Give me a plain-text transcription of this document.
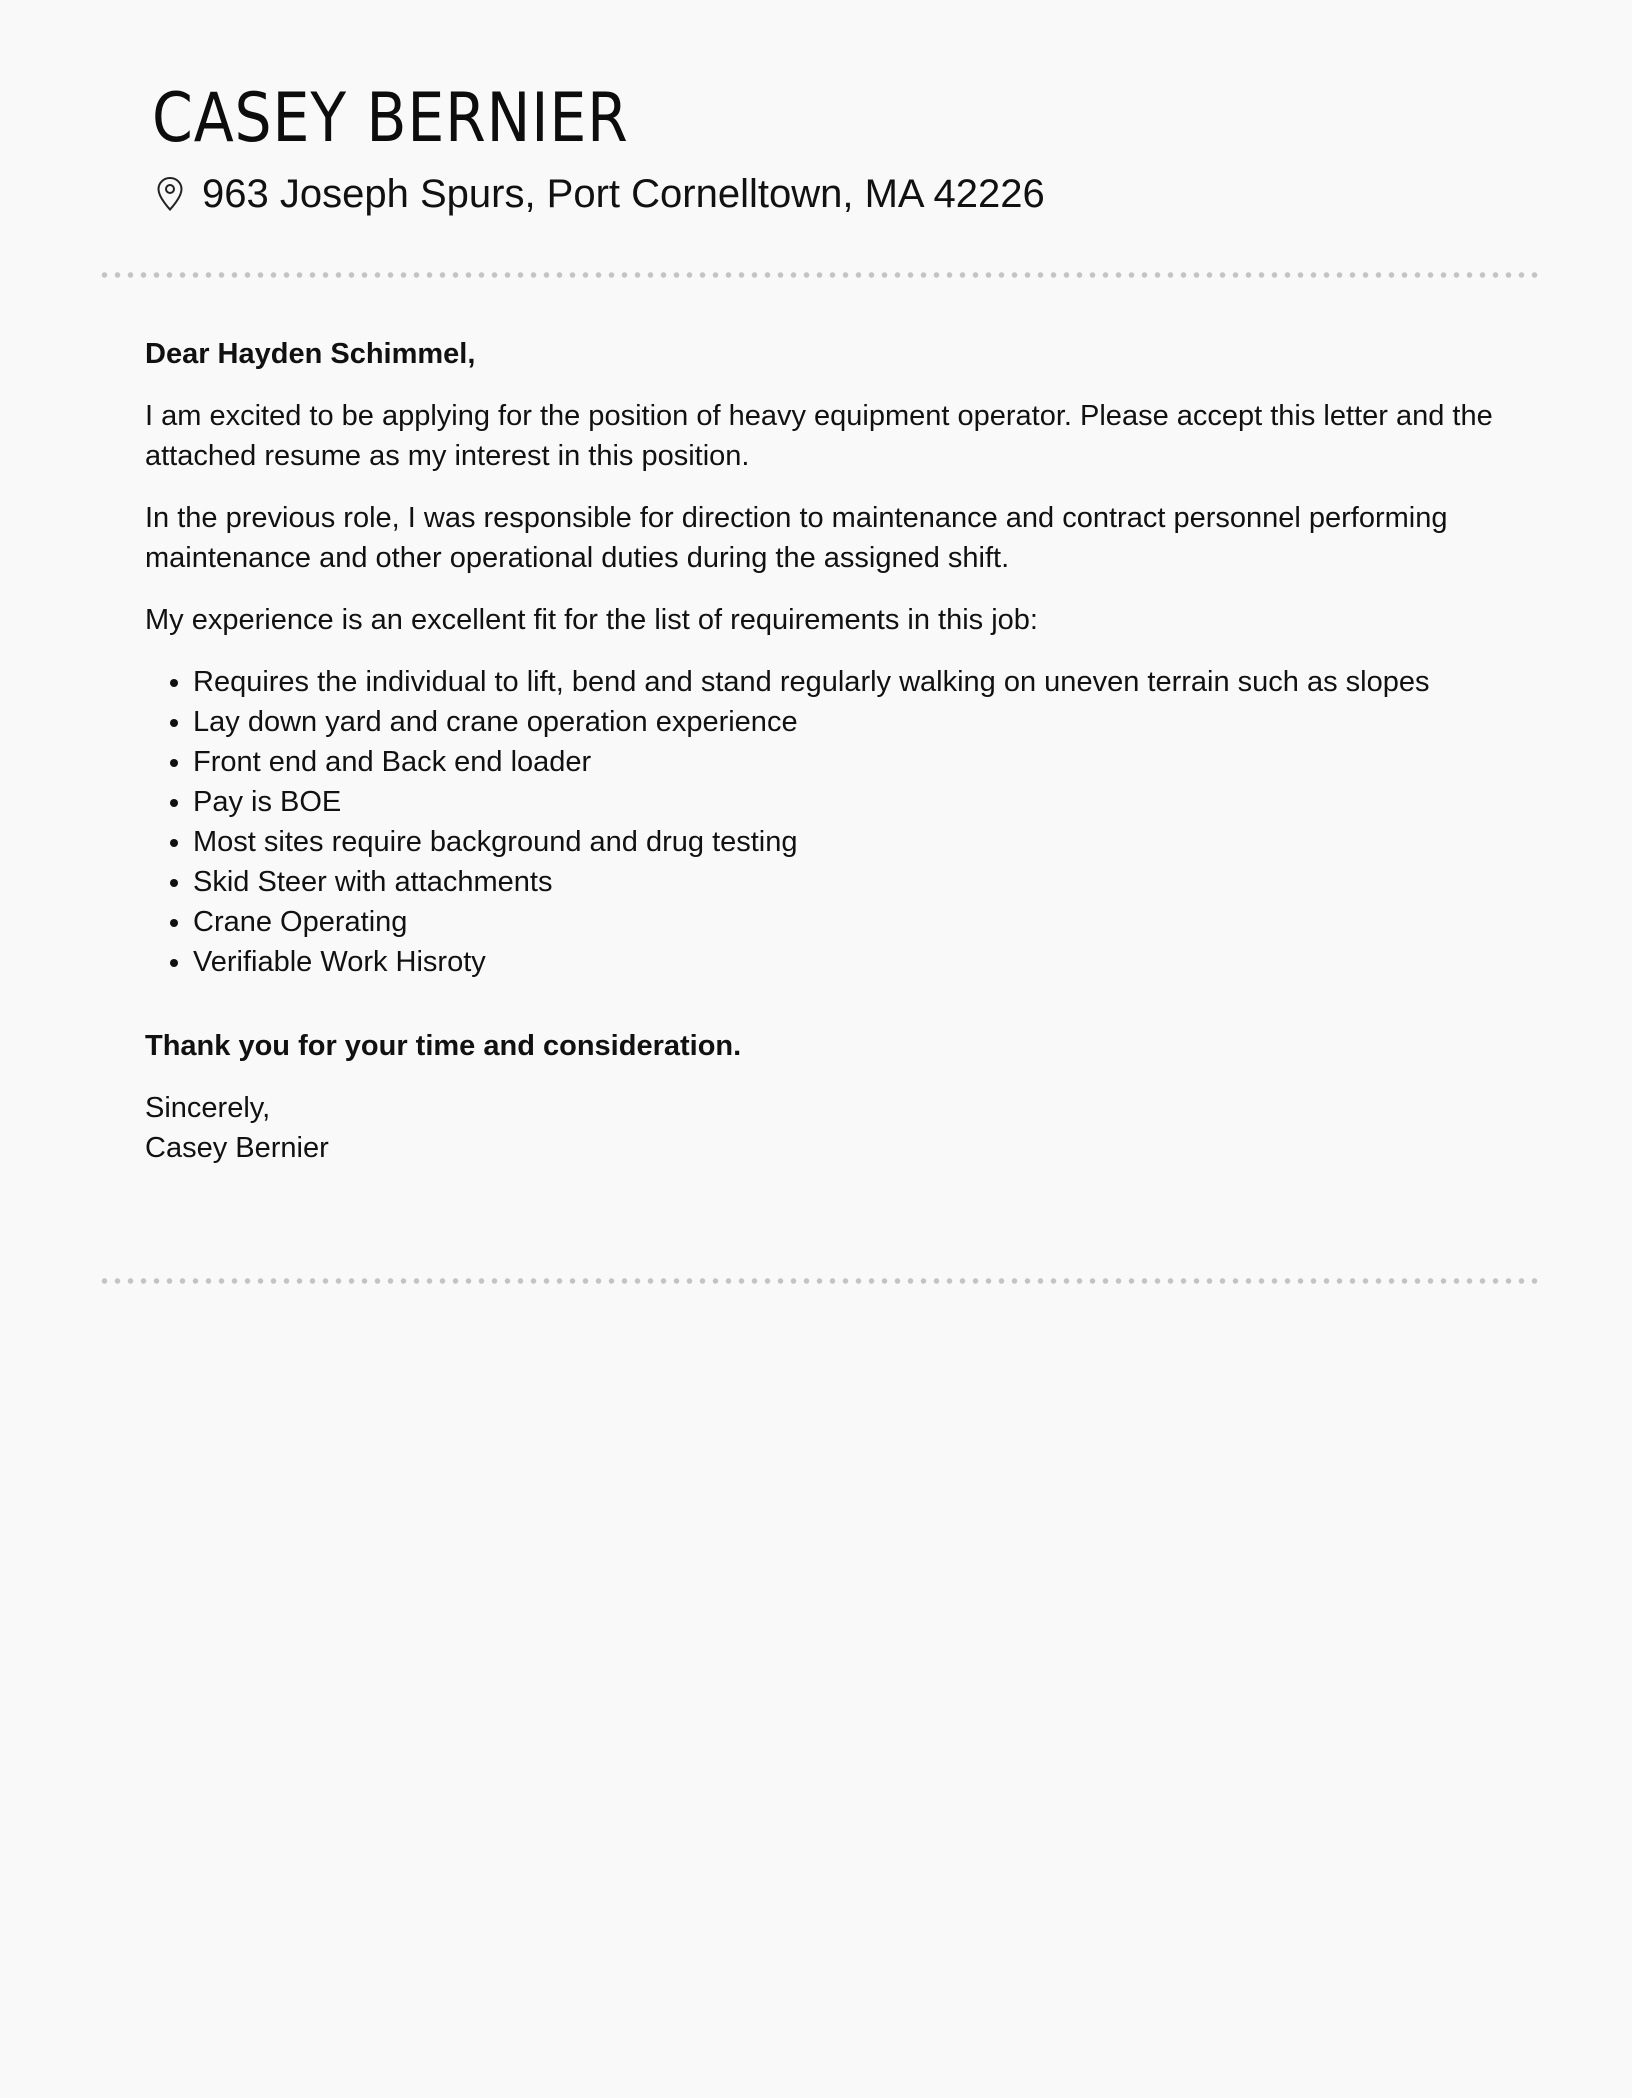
CASEY BERNIER
963 Joseph Spurs, Port Cornelltown, MA 42226

Dear Hayden Schimmel,

I am excited to be applying for the position of heavy equipment operator. Please accept this letter and the attached resume as my interest in this position.

In the previous role, I was responsible for direction to maintenance and contract personnel performing maintenance and other operational duties during the assigned shift.

My experience is an excellent fit for the list of requirements in this job:

• Requires the individual to lift, bend and stand regularly walking on uneven terrain such as slopes
• Lay down yard and crane operation experience
• Front end and Back end loader
• Pay is BOE
• Most sites require background and drug testing
• Skid Steer with attachments
• Crane Operating
• Verifiable Work Hisroty

Thank you for your time and consideration.

Sincerely,
Casey Bernier
